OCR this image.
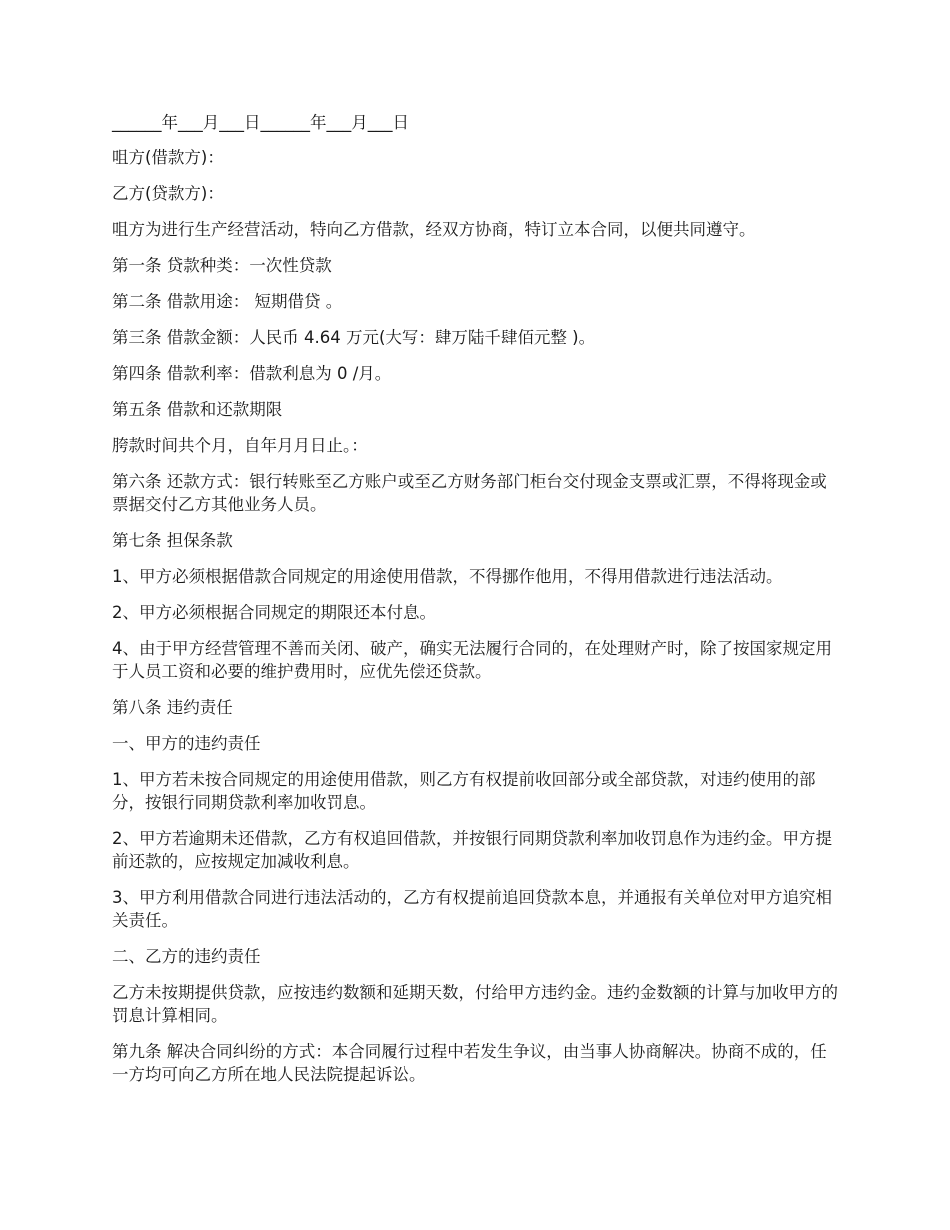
______年___月___日______年___月___日

咀方(借款方)：

乙方(贷款方)：

咀方为进行生产经营活动，特向乙方借款，经双方协商，特订立本合同，以便共同遵守。

第一条 贷款种类：一次性贷款

第二条 借款用途： 短期借贷 。

第三条 借款金额：人民币 4.64 万元(大写：肆万陆千肆佰元整 )。

第四条 借款利率：借款利息为 0 /月。

第五条 借款和还款期限

胯款时间共个月，自年月月日止。：

第六条 还款方式：银行转账至乙方账户或至乙方财务部门柜台交付现金支票或汇票，不得将现金或票据交付乙方其他业务人员。

第七条 担保条款

1、甲方必须根据借款合同规定的用途使用借款，不得挪作他用，不得用借款进行违法活动。

2、甲方必须根据合同规定的期限还本付息。

4、由于甲方经营管理不善而关闭、破产，确实无法履行合同的，在处理财产时，除了按国家规定用于人员工资和必要的维护费用时，应优先偿还贷款。

第八条 违约责任

一、甲方的违约责任

1、甲方若未按合同规定的用途使用借款，则乙方有权提前收回部分或全部贷款，对违约使用的部分，按银行同期贷款利率加收罚息。

2、甲方若逾期未还借款，乙方有权追回借款，并按银行同期贷款利率加收罚息作为违约金。甲方提前还款的，应按规定加减收利息。

3、甲方利用借款合同进行违法活动的，乙方有权提前追回贷款本息，并通报有关单位对甲方追究相关责任。

二、乙方的违约责任

乙方未按期提供贷款，应按违约数额和延期天数，付给甲方违约金。违约金数额的计算与加收甲方的罚息计算相同。

第九条 解决合同纠纷的方式：本合同履行过程中若发生争议，由当事人协商解决。协商不成的，任一方均可向乙方所在地人民法院提起诉讼。
